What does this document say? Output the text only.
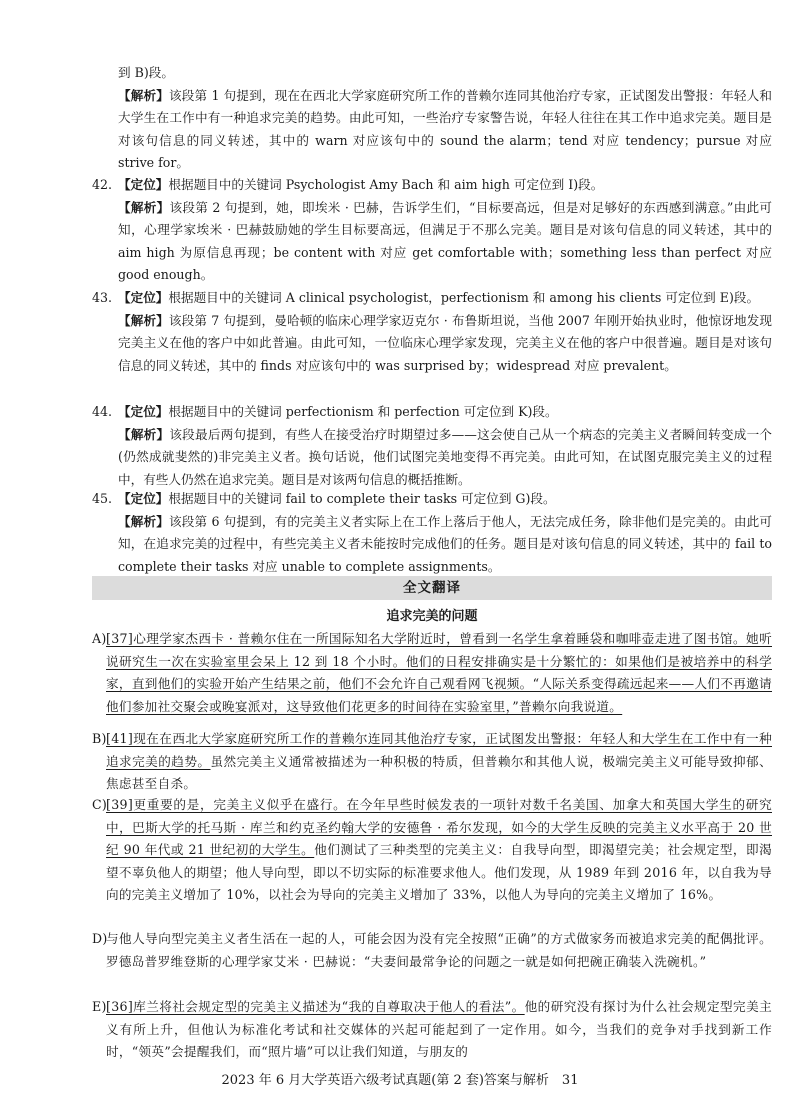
到 B)段。
【解析】该段第 1 句提到，现在在西北大学家庭研究所工作的普赖尔连同其他治疗专家，正试图发出警报：年轻人和大学生在工作中有一种追求完美的趋势。由此可知，一些治疗专家警告说，年轻人往往在其工作中追求完美。题目是对该句信息的同义转述，其中的 warn 对应该句中的 sound the alarm；tend 对应 tendency；pursue 对应 strive for。
42. 【定位】根据题目中的关键词 Psychologist Amy Bach 和 aim high 可定位到 I)段。
【解析】该段第 2 句提到，她，即埃米 · 巴赫，告诉学生们，“目标要高远，但是对足够好的东西感到满意。”由此可知，心理学家埃米 · 巴赫鼓励她的学生目标要高远，但满足于不那么完美。题目是对该句信息的同义转述，其中的 aim high 为原信息再现；be content with 对应 get comfortable with；something less than perfect 对应 good enough。
43. 【定位】根据题目中的关键词 A clinical psychologist，perfectionism 和 among his clients 可定位到 E)段。
【解析】该段第 7 句提到，曼哈顿的临床心理学家迈克尔 · 布鲁斯坦说，当他 2007 年刚开始执业时，他惊讶地发现完美主义在他的客户中如此普遍。由此可知，一位临床心理学家发现，完美主义在他的客户中很普遍。题目是对该句信息的同义转述，其中的 finds 对应该句中的 was surprised by；widespread 对应 prevalent。
44. 【定位】根据题目中的关键词 perfectionism 和 perfection 可定位到 K)段。
【解析】该段最后两句提到，有些人在接受治疗时期望过多——这会使自己从一个病态的完美主义者瞬间转变成一个(仍然成就斐然的)非完美主义者。换句话说，他们试图完美地变得不再完美。由此可知，在试图克服完美主义的过程中，有些人仍然在追求完美。题目是对该两句信息的概括推断。
45. 【定位】根据题目中的关键词 fail to complete their tasks 可定位到 G)段。
【解析】该段第 6 句提到，有的完美主义者实际上在工作上落后于他人，无法完成任务，除非他们是完美的。由此可知，在追求完美的过程中，有些完美主义者未能按时完成他们的任务。题目是对该句信息的同义转述，其中的 fail to complete their tasks 对应 unable to complete assignments。
全文翻译
追求完美的问题
A) [37]心理学家杰西卡 · 普赖尔住在一所国际知名大学附近时，曾看到一名学生拿着睡袋和咖啡壶走进了图书馆。她听说研究生一次在实验室里会呆上 12 到 18 个小时。他们的日程安排确实是十分繁忙的：如果他们是被培养中的科学家，直到他们的实验开始产生结果之前，他们不会允许自己观看网飞视频。“人际关系变得疏远起来——人们不再邀请他们参加社交聚会或晚宴派对，这导致他们花更多的时间待在实验室里，”普赖尔向我说道。
B) [41]现在在西北大学家庭研究所工作的普赖尔连同其他治疗专家，正试图发出警报：年轻人和大学生在工作中有一种追求完美的趋势。虽然完美主义通常被描述为一种积极的特质，但普赖尔和其他人说，极端完美主义可能导致抑郁、焦虑甚至自杀。
C)
[39]更重要的是，完美主义似乎在盛行。在今年早些时候发表的一项针对数千名美国、加拿大和英国大学生的研究中，巴斯大学的托马斯 · 库兰和约克圣约翰大学的安德鲁 · 希尔发现，如今的大学生反映的完美主义水平高于 20 世纪 90 年代或 21 世纪初的大学生。他们测试了三种类型的完美主义：自我导向型，即渴望完美；社会规定型，即渴望不辜负他人的期望；他人导向型，即以不切实际的标准要求他人。他们发现，从 1989 年到 2016 年，以自我为导向的完美主义增加了 10%，以社会为导向的完美主义增加了 33%，以他人为导向的完美主义增加了 16%。
D)
与他人导向型完美主义者生活在一起的人，可能会因为没有完全按照“正确”的方式做家务而被追求完美的配偶批评。罗德岛普罗维登斯的心理学家艾米 · 巴赫说：“夫妻间最常争论的问题之一就是如何把碗正确装入洗碗机。”
E) [36]库兰将社会规定型的完美主义描述为“我的自尊取决于他人的看法”。他的研究没有探讨为什么社会规定型完美主义有所上升，但他认为标准化考试和社交媒体的兴起可能起到了一定作用。如今，当我们的竞争对手找到新工作时，“领英”会提醒我们，而“照片墙”可以让我们知道，与朋友的
2023 年 6 月大学英语六级考试真题(第 2 套)答案与解析　31
